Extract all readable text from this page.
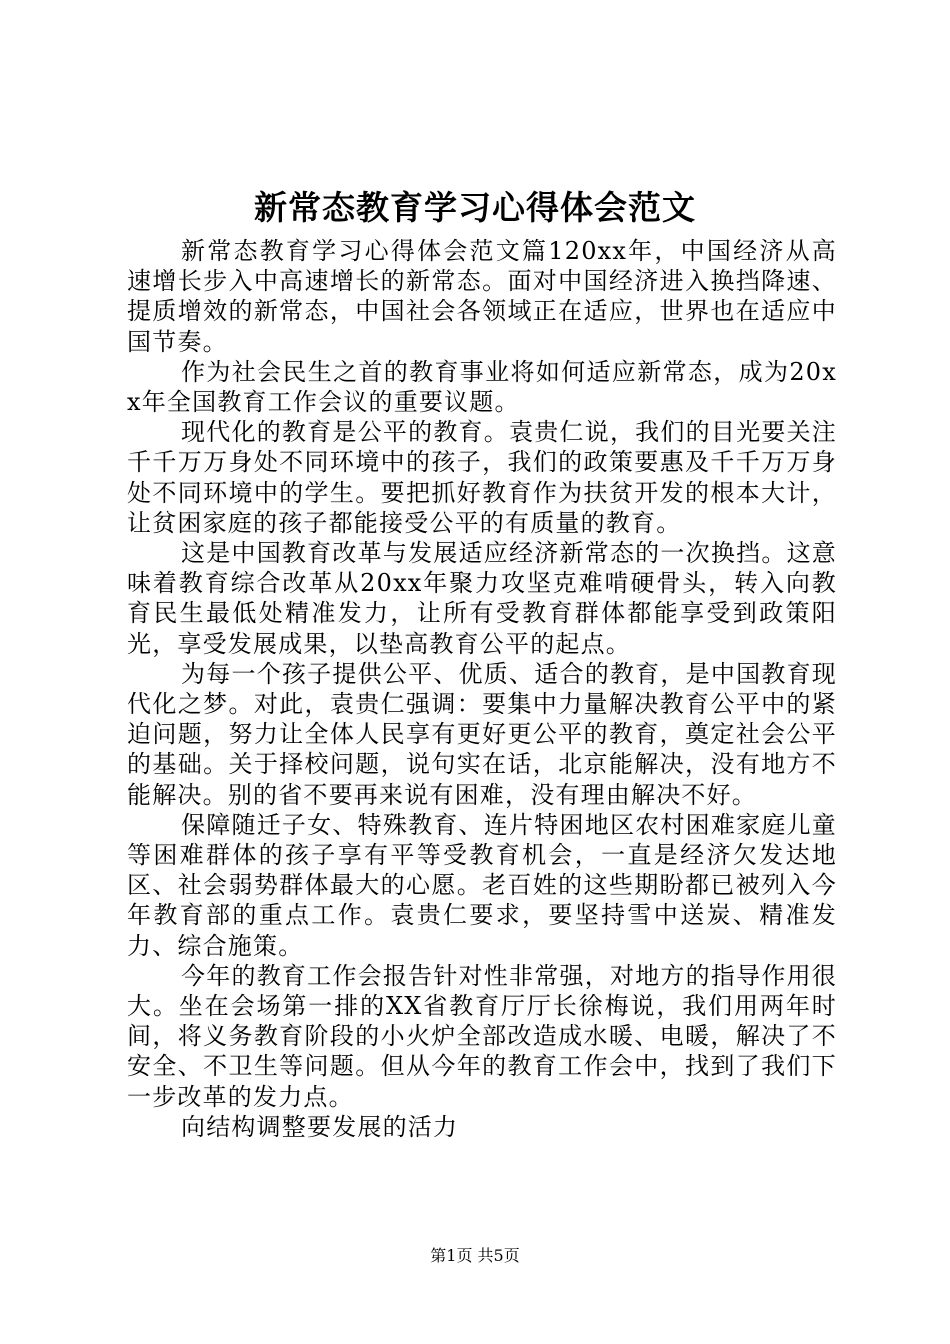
新常态教育学习心得体会范文

新常态教育学习心得体会范文篇120xx年，中国经济从高速增长步入中高速增长的新常态。面对中国经济进入换挡降速、提质增效的新常态，中国社会各领域正在适应，世界也在适应中国节奏。

作为社会民生之首的教育事业将如何适应新常态，成为20xx年全国教育工作会议的重要议题。

现代化的教育是公平的教育。袁贵仁说，我们的目光要关注千千万万身处不同环境中的孩子，我们的政策要惠及千千万万身处不同环境中的学生。要把抓好教育作为扶贫开发的根本大计，让贫困家庭的孩子都能接受公平的有质量的教育。

这是中国教育改革与发展适应经济新常态的一次换挡。这意味着教育综合改革从20xx年聚力攻坚克难啃硬骨头，转入向教育民生最低处精准发力，让所有受教育群体都能享受到政策阳光，享受发展成果，以垫高教育公平的起点。

为每一个孩子提供公平、优质、适合的教育，是中国教育现代化之梦。对此，袁贵仁强调：要集中力量解决教育公平中的紧迫问题，努力让全体人民享有更好更公平的教育，奠定社会公平的基础。关于择校问题，说句实在话，北京能解决，没有地方不能解决。别的省不要再来说有困难，没有理由解决不好。

保障随迁子女、特殊教育、连片特困地区农村困难家庭儿童等困难群体的孩子享有平等受教育机会，一直是经济欠发达地区、社会弱势群体最大的心愿。老百姓的这些期盼都已被列入今年教育部的重点工作。袁贵仁要求，要坚持雪中送炭、精准发力、综合施策。

今年的教育工作会报告针对性非常强，对地方的指导作用很大。坐在会场第一排的XX省教育厅厅长徐梅说，我们用两年时间，将义务教育阶段的小火炉全部改造成水暖、电暖，解决了不安全、不卫生等问题。但从今年的教育工作会中，找到了我们下一步改革的发力点。

向结构调整要发展的活力

第1页 共5页
